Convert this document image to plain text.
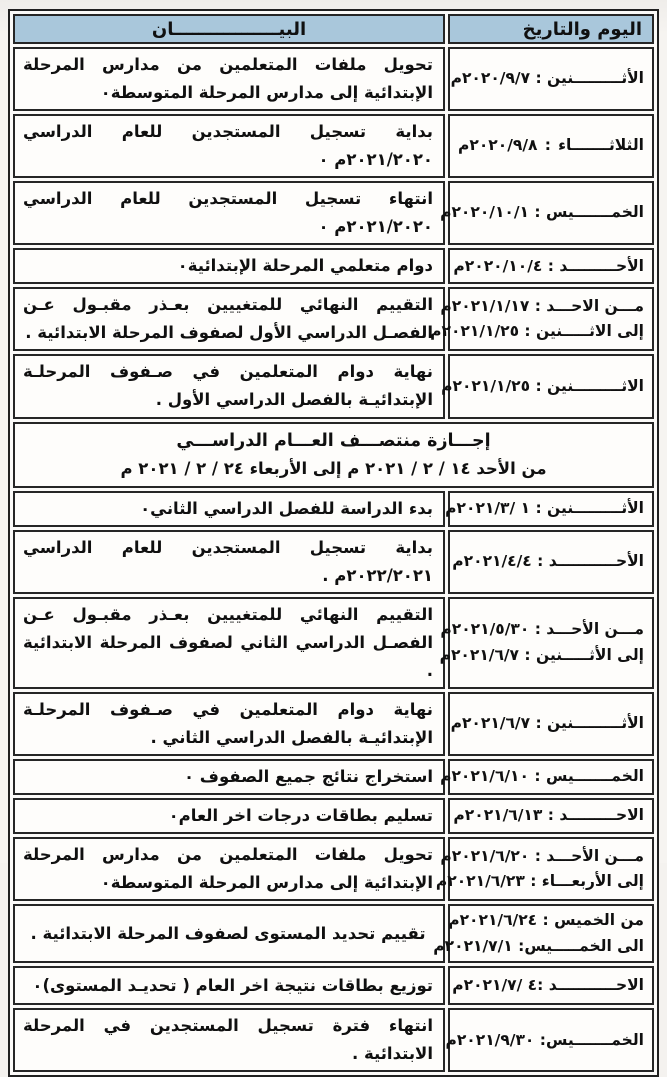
اليوم والتاريخ	البيـــــــــــــــــان

الأثـــــــــنين : ٢٠٢٠/٩/٧م	تحويل ملفات المتعلمين من مدارس المرحلة الإبتدائية إلى مدارس المرحلة المتوسطة٠

الثلاثـــــــاء : ٢٠٢٠/٩/٨م	بداية تسجيل المستجدين للعام الدراسي ٢٠٢١/٢٠٢٠م ٠

الخمـــــــيس : ٢٠٢٠/١٠/١م	انتهاء تسجيل المستجدين للعام الدراسي ٢٠٢١/٢٠٢٠م ٠

الأحـــــــــد : ٢٠٢٠/١٠/٤م	دوام متعلمي المرحلة الإبتدائية٠

مـــن الاحـــد : ٢٠٢١/١/١٧م
إلى الاثـــــنين : ٢٠٢١/١/٢٥م	التقييم النهائي للمتغييين بعـذر مقبـول عـن الفصـل الدراسي الأول لصفوف المرحلة الابتدائية .

الاثـــــــــنين : ٢٠٢١/١/٢٥م	نهاية دوام المتعلمين في صـفوف المرحلـة الإبتدائيـة بالفصل الدراسي الأول .

إجـــازة منتصـــف العـــام الدراســـي
من الأحد ١٤ / ٢ / ٢٠٢١ م إلى الأربعاء ٢٤ / ٢ / ٢٠٢١ م	

الأثـــــــــنين : ١ /٢٠٢١/٣م	بدء الدراسة للفصل الدراسي الثاني٠

الأحـــــــــــد : ٢٠٢١/٤/٤م	بداية تسجيل المستجدين للعام الدراسي ٢٠٢٢/٢٠٢١م .

مـــن الأحـــد : ٢٠٢١/٥/٣٠م
إلى الأثـــــنين : ٢٠٢١/٦/٧م	التقييم النهائي للمتغييين بعـذر مقبـول عـن الفصـل الدراسي الثاني لصفوف المرحلة الابتدائية .

الأثـــــــــنين : ٢٠٢١/٦/٧م	نهاية دوام المتعلمين في صـفوف المرحلـة الإبتدائيـة بالفصل الدراسي الثاني .

الخمـــــــيس : ٢٠٢١/٦/١٠م	استخراج نتائج جميع الصفوف ٠

الاحـــــــــد : ٢٠٢١/٦/١٣م	تسليم بطاقات درجات اخر العام٠

مـــن الأحـــد : ٢٠٢١/٦/٢٠م
إلى الأربعـــاء : ٢٠٢١/٦/٢٣م	تحويل ملفات المتعلمين من مدارس المرحلة الإبتدائية إلى مدارس المرحلة المتوسطة٠

من الخميس : ٢٠٢١/٦/٢٤م
الى الخمـــــيس: ٢٠٢١/٧/١م	تقييم تحديد المستوى لصفوف المرحلة الابتدائية .

الاحـــــــــــد :٤ /٢٠٢١/٧م	توزيع بطاقات نتيجة اخر العام ( تحديـد المستوى)٠

الخمـــــــيس: ٢٠٢١/٩/٣٠م	انتهاء فترة تسجيل المستجدين في المرحلة الابتدائية .
